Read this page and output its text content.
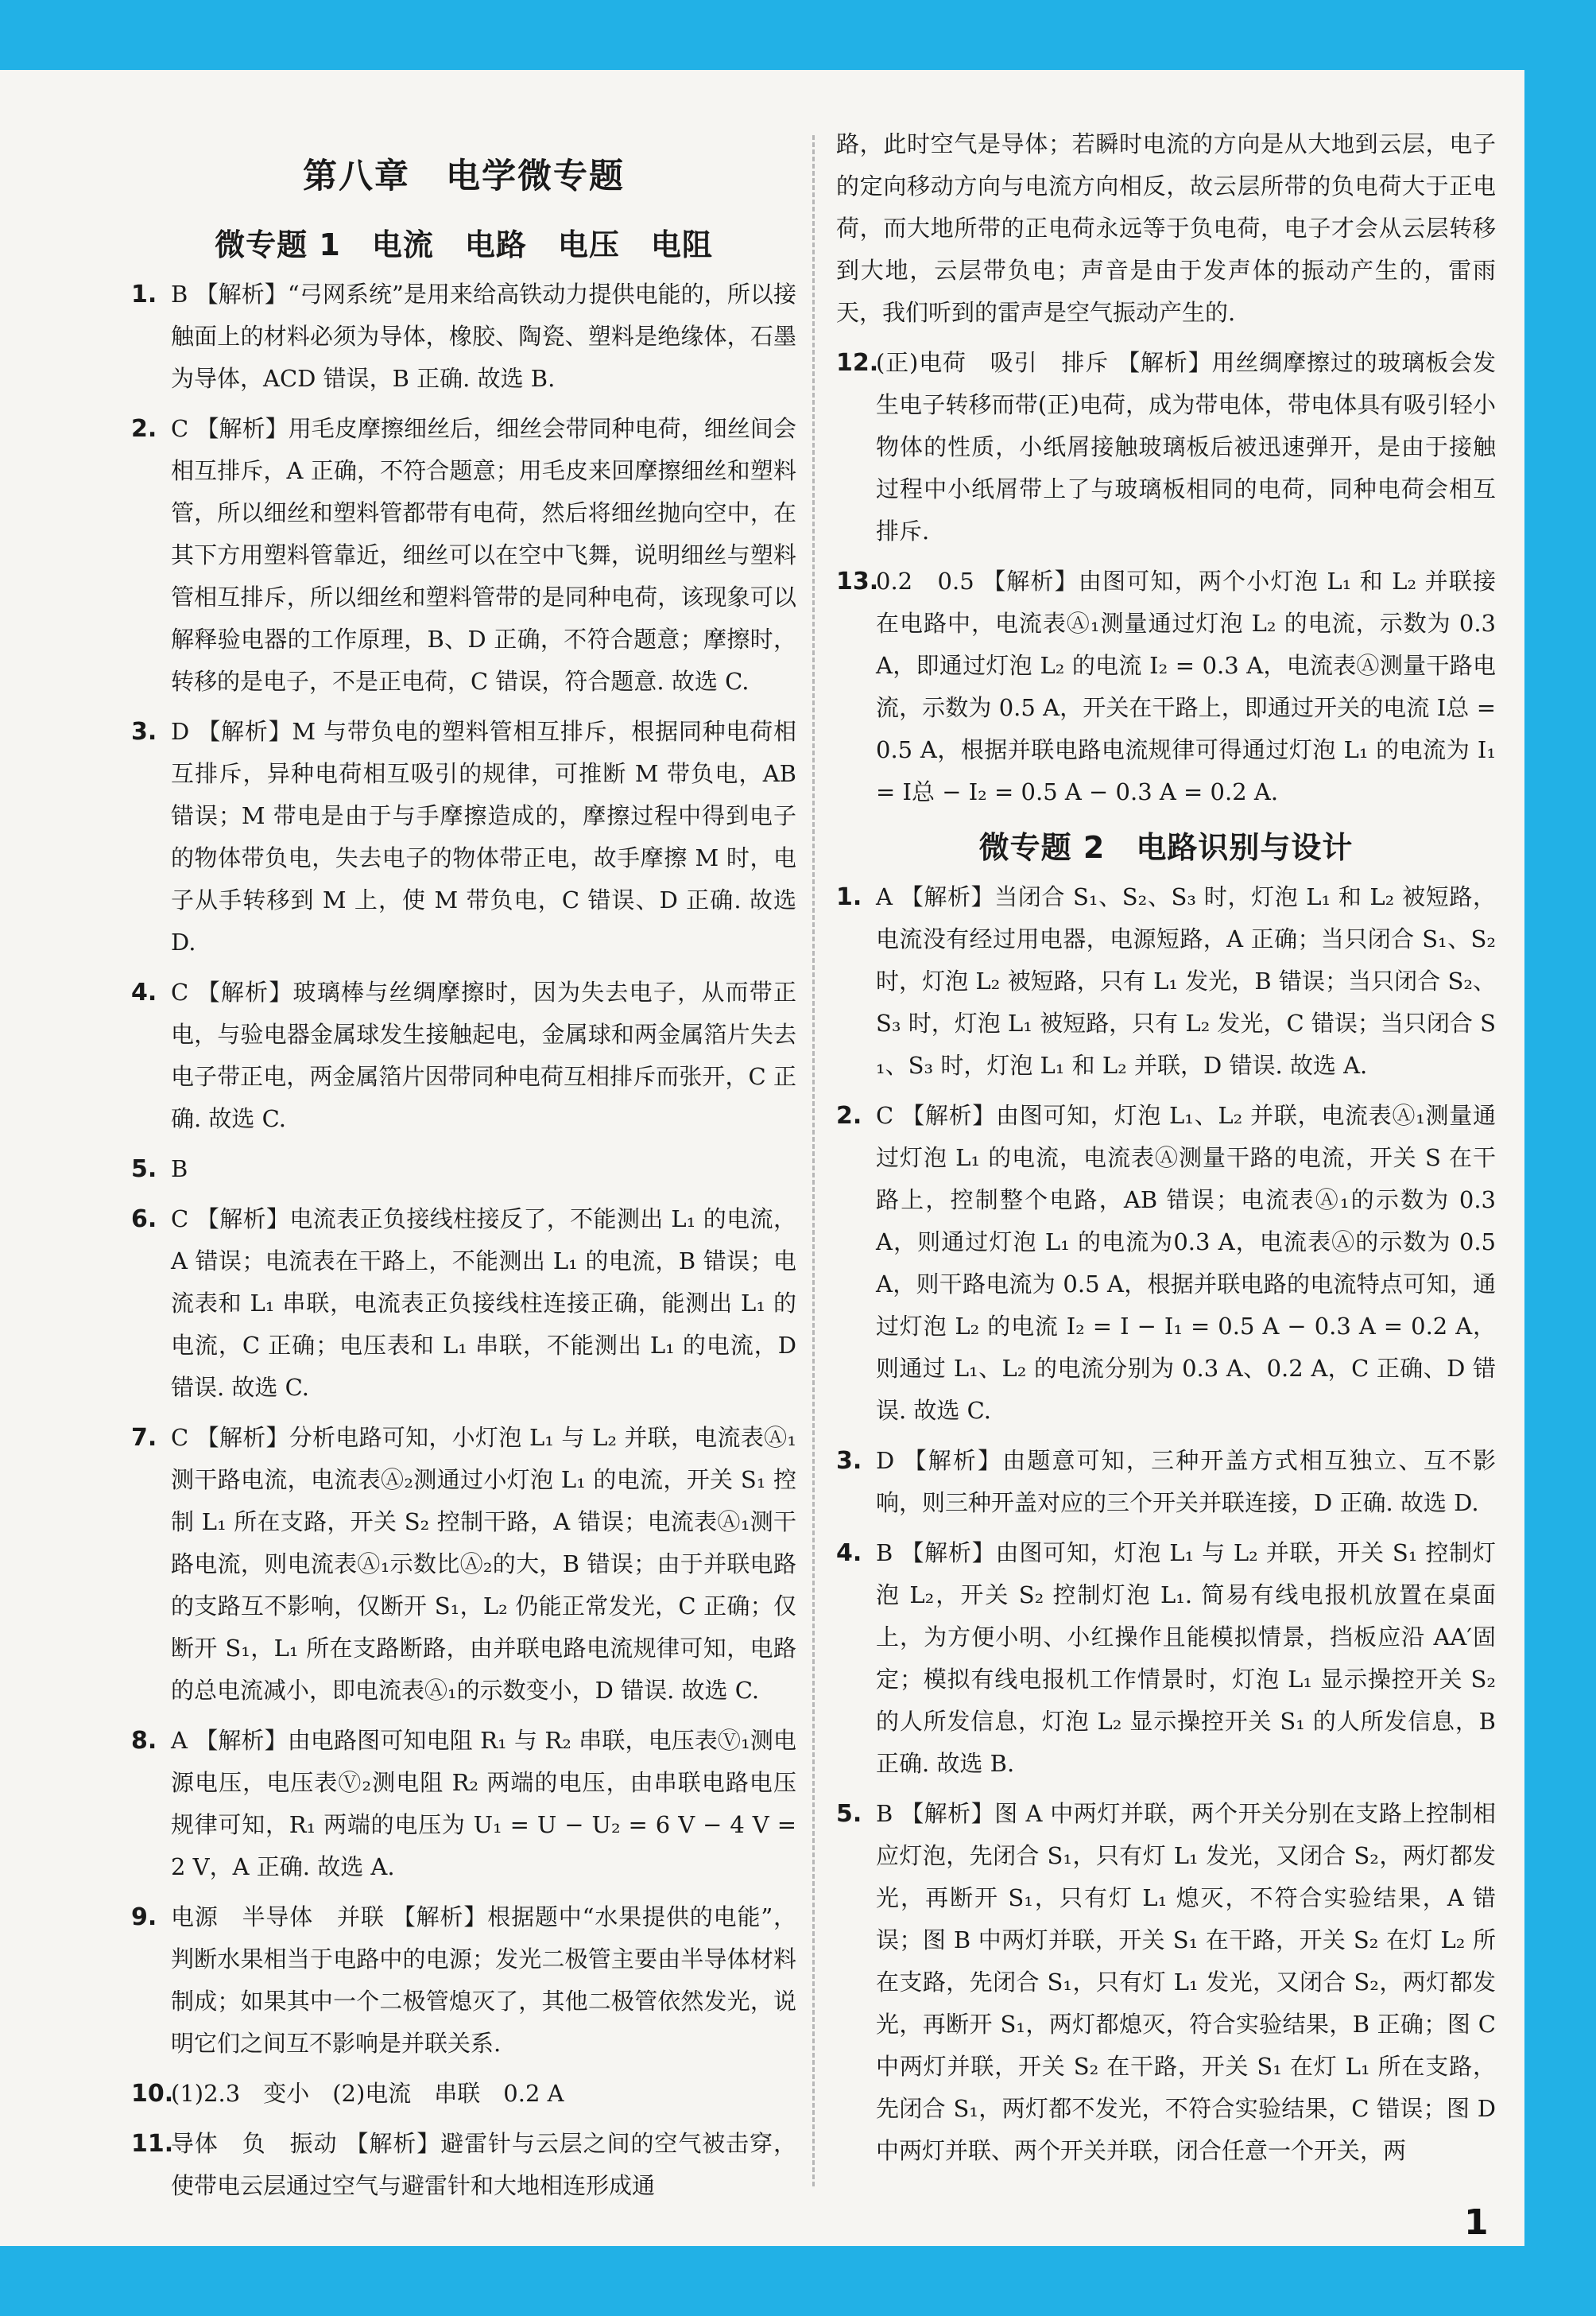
第八章　电学微专题
微专题 1　电流　电路　电压　电阻
1. B 【解析】“弓网系统”是用来给高铁动力提供电能的，所以接触面上的材料必须为导体，橡胶、陶瓷、塑料是绝缘体，石墨为导体，ACD 错误，B 正确. 故选 B.
2. C 【解析】用毛皮摩擦细丝后，细丝会带同种电荷，细丝间会相互排斥，A 正确，不符合题意；用毛皮来回摩擦细丝和塑料管，所以细丝和塑料管都带有电荷，然后将细丝抛向空中，在其下方用塑料管靠近，细丝可以在空中飞舞，说明细丝与塑料管相互排斥，所以细丝和塑料管带的是同种电荷，该现象可以解释验电器的工作原理，B、D 正确，不符合题意；摩擦时，转移的是电子，不是正电荷，C 错误，符合题意. 故选 C.
3. D 【解析】M 与带负电的塑料管相互排斥，根据同种电荷相互排斥，异种电荷相互吸引的规律，可推断 M 带负电，AB 错误；M 带电是由于与手摩擦造成的，摩擦过程中得到电子的物体带负电，失去电子的物体带正电，故手摩擦 M 时，电子从手转移到 M 上，使 M 带负电，C 错误、D 正确. 故选 D.
4. C 【解析】玻璃棒与丝绸摩擦时，因为失去电子，从而带正电，与验电器金属球发生接触起电，金属球和两金属箔片失去电子带正电，两金属箔片因带同种电荷互相排斥而张开，C 正确. 故选 C.
5. B
6. C 【解析】电流表正负接线柱接反了，不能测出 L₁ 的电流，A 错误；电流表在干路上，不能测出 L₁ 的电流，B 错误；电流表和 L₁ 串联，电流表正负接线柱连接正确，能测出 L₁ 的电流，C 正确；电压表和 L₁ 串联，不能测出 L₁ 的电流，D 错误. 故选 C.
7. C 【解析】分析电路可知，小灯泡 L₁ 与 L₂ 并联，电流表Ⓐ₁测干路电流，电流表Ⓐ₂测通过小灯泡 L₁ 的电流，开关 S₁ 控制 L₁ 所在支路，开关 S₂ 控制干路，A 错误；电流表Ⓐ₁测干路电流，则电流表Ⓐ₁示数比Ⓐ₂的大，B 错误；由于并联电路的支路互不影响，仅断开 S₁，L₂ 仍能正常发光，C 正确；仅断开 S₁，L₁ 所在支路断路，由并联电路电流规律可知，电路的总电流减小，即电流表Ⓐ₁的示数变小，D 错误. 故选 C.
8. A 【解析】由电路图可知电阻 R₁ 与 R₂ 串联，电压表Ⓥ₁测电源电压，电压表Ⓥ₂测电阻 R₂ 两端的电压，由串联电路电压规律可知，R₁ 两端的电压为 U₁ = U − U₂ = 6 V − 4 V = 2 V，A 正确. 故选 A.
9. 电源　半导体　并联 【解析】根据题中“水果提供的电能”，判断水果相当于电路中的电源；发光二极管主要由半导体材料制成；如果其中一个二极管熄灭了，其他二极管依然发光，说明它们之间互不影响是并联关系.
10.
(1)2.3　变小　(2)电流　串联　0.2 A
11.
导体　负　振动 【解析】避雷针与云层之间的空气被击穿，使带电云层通过空气与避雷针和大地相连形成通
路，此时空气是导体；若瞬时电流的方向是从大地到云层，电子的定向移动方向与电流方向相反，故云层所带的负电荷大于正电荷，而大地所带的正电荷永远等于负电荷，电子才会从云层转移到大地，云层带负电；声音是由于发声体的振动产生的，雷雨天，我们听到的雷声是空气振动产生的.
12.
(正)电荷　吸引　排斥 【解析】用丝绸摩擦过的玻璃板会发生电子转移而带(正)电荷，成为带电体，带电体具有吸引轻小物体的性质，小纸屑接触玻璃板后被迅速弹开，是由于接触过程中小纸屑带上了与玻璃板相同的电荷，同种电荷会相互排斥.
13.
0.2　0.5 【解析】由图可知，两个小灯泡 L₁ 和 L₂ 并联接在电路中，电流表Ⓐ₁测量通过灯泡 L₂ 的电流，示数为 0.3 A，即通过灯泡 L₂ 的电流 I₂ = 0.3 A，电流表Ⓐ测量干路电流，示数为 0.5 A，开关在干路上，即通过开关的电流 I总 = 0.5 A，根据并联电路电流规律可得通过灯泡 L₁ 的电流为 I₁ = I总 − I₂ = 0.5 A − 0.3 A = 0.2 A.
微专题 2　电路识别与设计
1. A 【解析】当闭合 S₁、S₂、S₃ 时，灯泡 L₁ 和 L₂ 被短路，电流没有经过用电器，电源短路，A 正确；当只闭合 S₁、S₂ 时，灯泡 L₂ 被短路，只有 L₁ 发光，B 错误；当只闭合 S₂、S₃ 时，灯泡 L₁ 被短路，只有 L₂ 发光，C 错误；当只闭合 S₁、S₃ 时，灯泡 L₁ 和 L₂ 并联，D 错误. 故选 A.
2. C 【解析】由图可知，灯泡 L₁、L₂ 并联，电流表Ⓐ₁测量通过灯泡 L₁ 的电流，电流表Ⓐ测量干路的电流，开关 S 在干路上，控制整个电路，AB 错误；电流表Ⓐ₁的示数为 0.3 A，则通过灯泡 L₁ 的电流为0.3 A，电流表Ⓐ的示数为 0.5 A，则干路电流为 0.5 A，根据并联电路的电流特点可知，通过灯泡 L₂ 的电流 I₂ = I − I₁ = 0.5 A − 0.3 A = 0.2 A，则通过 L₁、L₂ 的电流分别为 0.3 A、0.2 A，C 正确、D 错误. 故选 C.
3. D 【解析】由题意可知，三种开盖方式相互独立、互不影响，则三种开盖对应的三个开关并联连接，D 正确. 故选 D.
4. B 【解析】由图可知，灯泡 L₁ 与 L₂ 并联，开关 S₁ 控制灯泡 L₂，开关 S₂ 控制灯泡 L₁. 简易有线电报机放置在桌面上，为方便小明、小红操作且能模拟情景，挡板应沿 AA′固定；模拟有线电报机工作情景时，灯泡 L₁ 显示操控开关 S₂ 的人所发信息，灯泡 L₂ 显示操控开关 S₁ 的人所发信息，B 正确. 故选 B.
5. B 【解析】图 A 中两灯并联，两个开关分别在支路上控制相应灯泡，先闭合 S₁，只有灯 L₁ 发光，又闭合 S₂，两灯都发光，再断开 S₁，只有灯 L₁ 熄灭，不符合实验结果，A 错误；图 B 中两灯并联，开关 S₁ 在干路，开关 S₂ 在灯 L₂ 所在支路，先闭合 S₁，只有灯 L₁ 发光，又闭合 S₂，两灯都发光，再断开 S₁，两灯都熄灭，符合实验结果，B 正确；图 C 中两灯并联，开关 S₂ 在干路，开关 S₁ 在灯 L₁ 所在支路，先闭合 S₁，两灯都不发光，不符合实验结果，C 错误；图 D 中两灯并联、两个开关并联，闭合任意一个开关，两
1
